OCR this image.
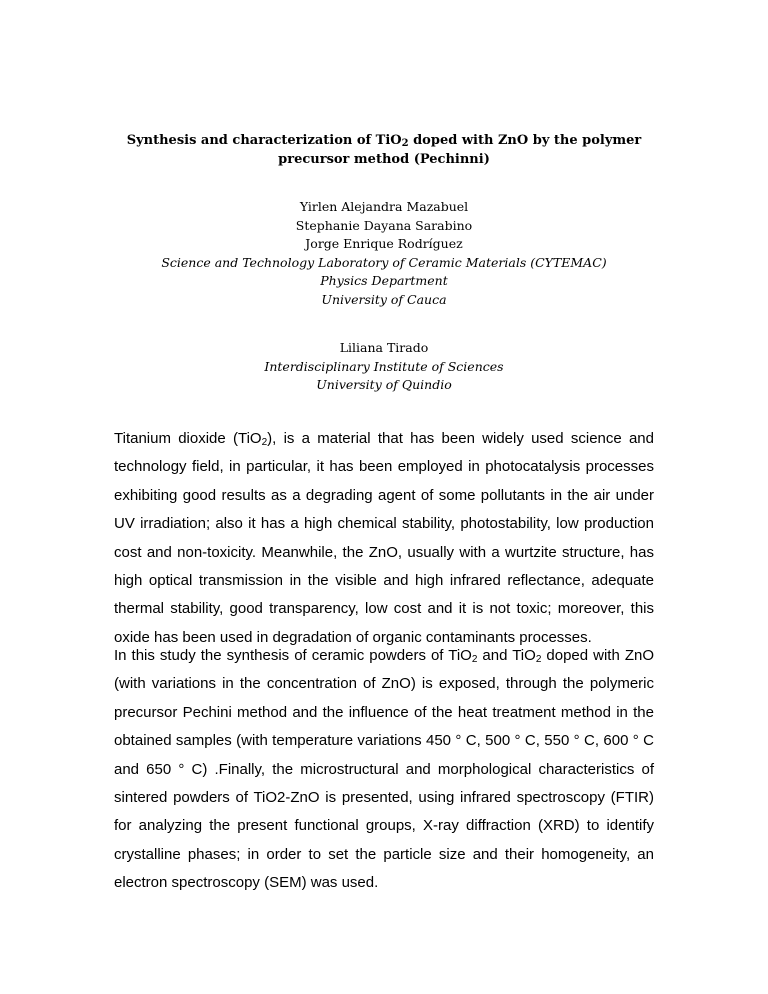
Synthesis and characterization of TiO$_2$ doped with ZnO by the polymer
precursor method (Pechinni)
Yirlen Alejandra Mazabuel
Stephanie Dayana Sarabino
Jorge Enrique Rodríguez
Science and Technology Laboratory of Ceramic Materials (CYTEMAC)
Physics Department
University of Cauca
Liliana Tirado
Interdisciplinary Institute of Sciences
University of Quindio

Titanium dioxide (TiO$_2$), is a material that has been widely used science and technology field, in particular, it has been employed in photocatalysis processes exhibiting good results as a degrading agent of some pollutants in the air under UV irradiation; also it has a high chemical stability, photostability, low production cost and non-toxicity. Meanwhile, the ZnO, usually with a wurtzite structure, has high optical transmission in the visible and high infrared reflectance, adequate thermal stability, good transparency, low cost and it is not toxic; moreover, this oxide has been used in degradation of organic contaminants processes.

In this study the synthesis of ceramic powders of TiO$_2$ and TiO$_2$ doped with ZnO (with variations in the concentration of ZnO) is exposed, through the polymeric precursor Pechini method and the influence of the heat treatment method in the obtained samples (with temperature variations 450 ° C, 500 ° C, 550 ° C, 600 ° C and 650 ° C) .Finally, the microstructural and morphological characteristics of sintered powders of TiO2-ZnO is presented, using infrared spectroscopy (FTIR) for analyzing the present functional groups, X-ray diffraction (XRD) to identify crystalline phases; in order to set the particle size and their homogeneity, an electron spectroscopy (SEM) was used.
